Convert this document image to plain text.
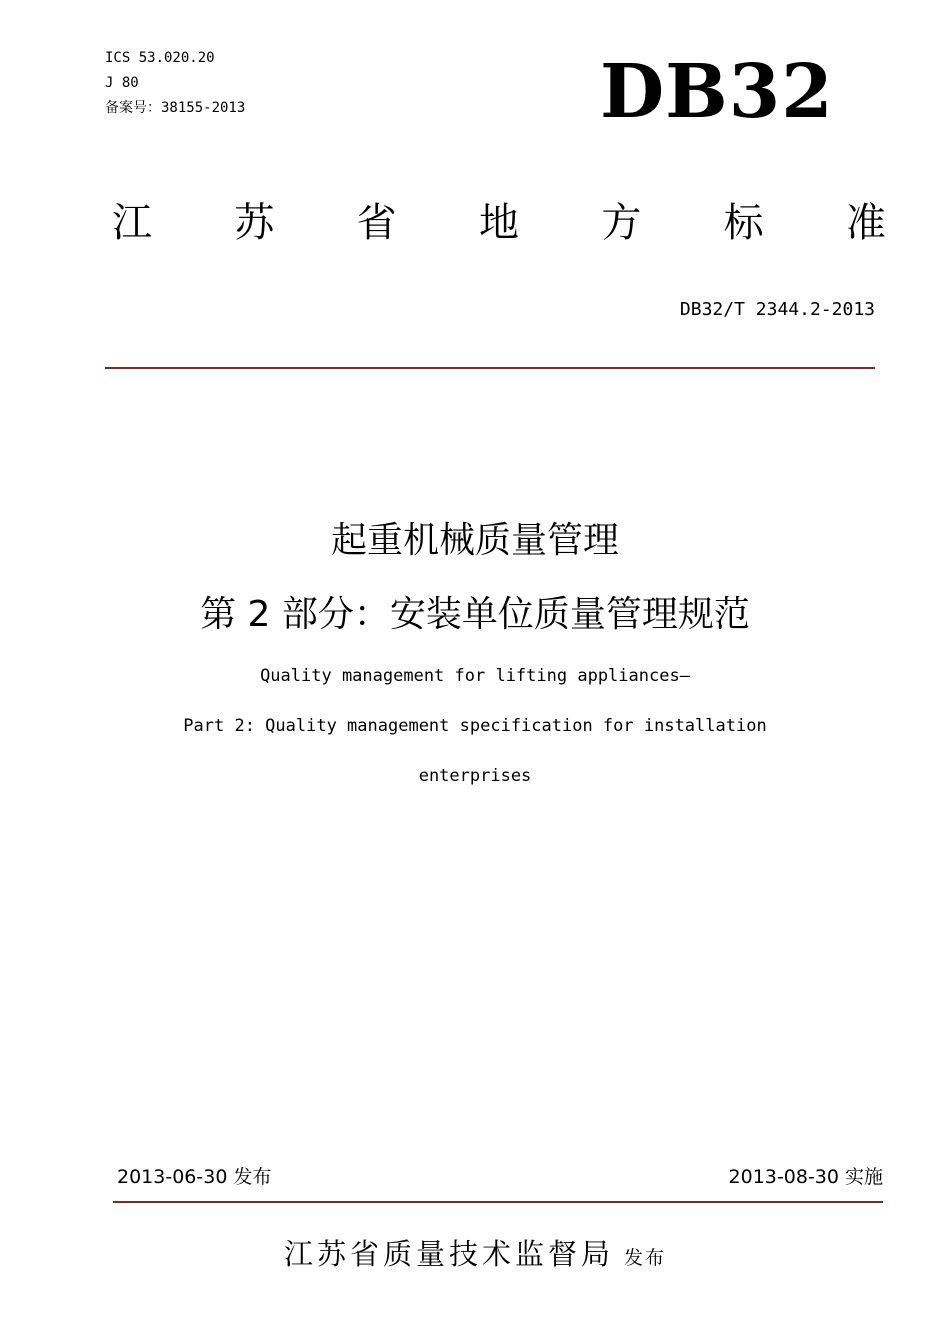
ICS 53.020.20
J 80
备案号：38155-2013	DB32
江 苏 省 地 方 标 准
DB32/T 2344.2-2013
起重机械质量管理
第 2 部分：安装单位质量管理规范
Quality management for lifting appliances—
Part 2: Quality management specification for installation
enterprises
2013-06-30 发布	2013-08-30 实施
江苏省质量技术监督局 发布
